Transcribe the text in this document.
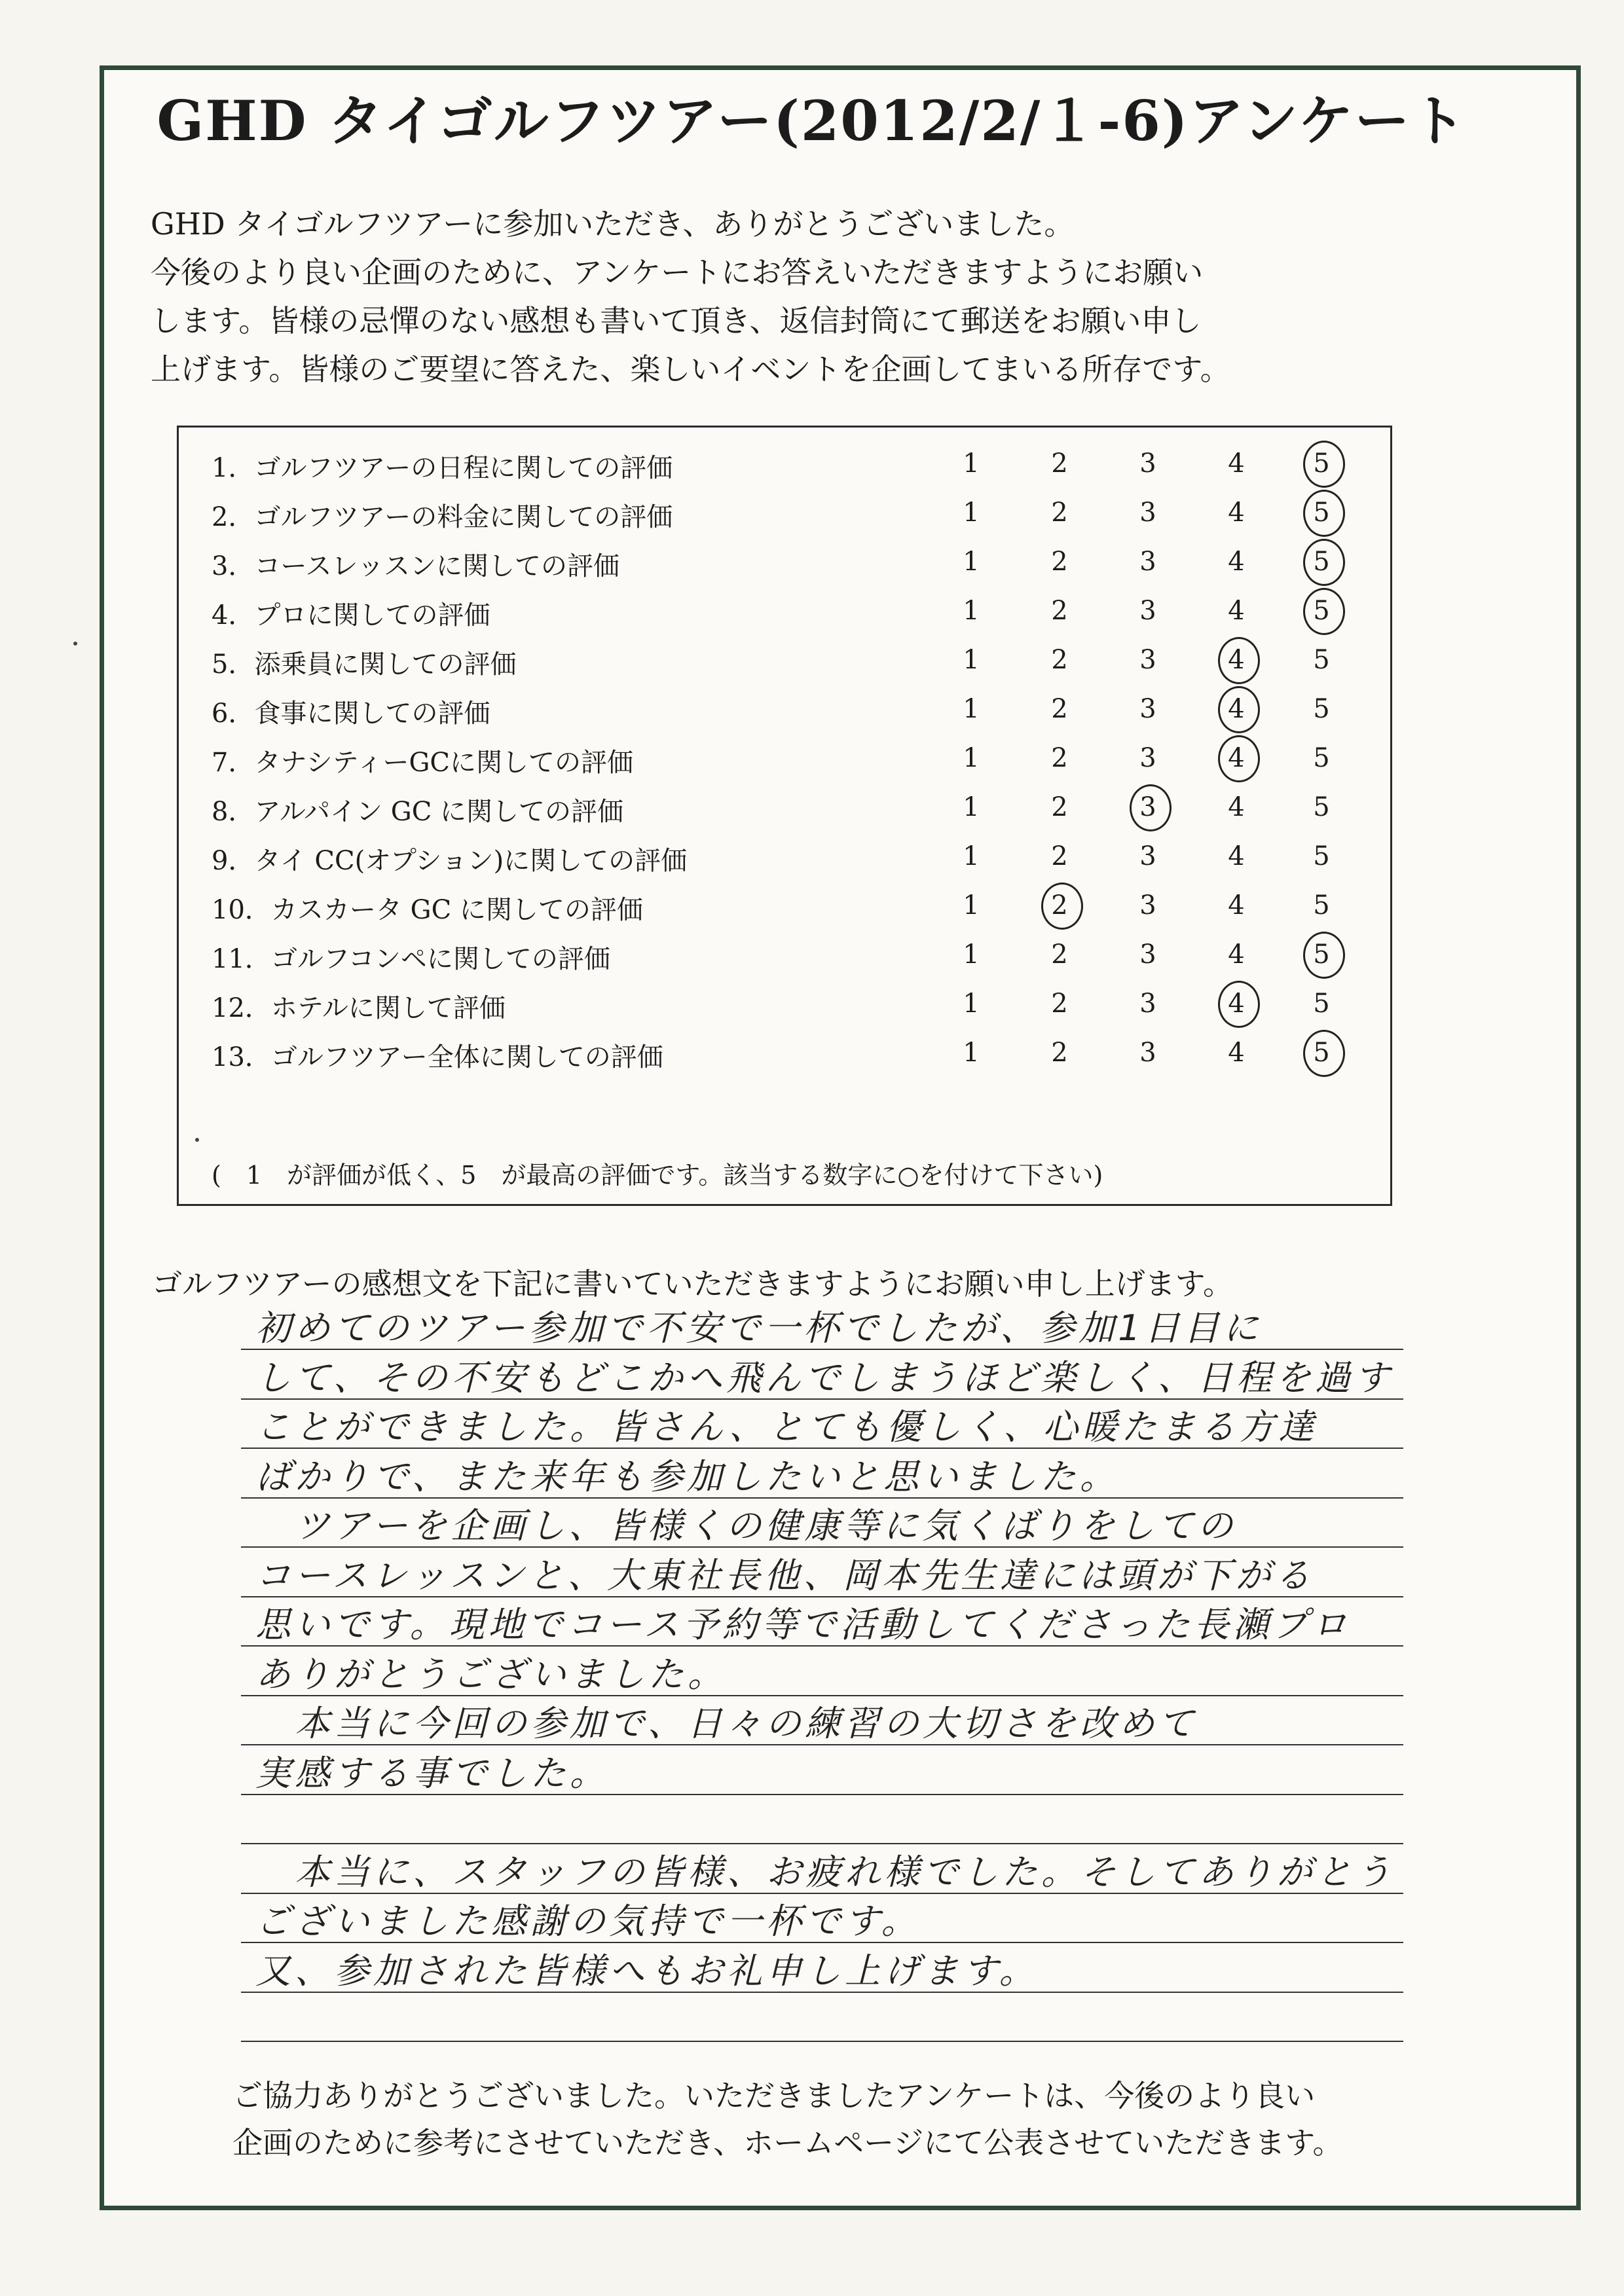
GHD タイゴルフツアー(2012/2/１-6)アンケート
GHD タイゴルフツアーに参加いただき、ありがとうございました。
今後のより良い企画のために、アンケートにお答えいただきますようにお願い
します。皆様の忌憚のない感想も書いて頂き、返信封筒にて郵送をお願い申し
上げます。皆様のご要望に答えた、楽しいイベントを企画してまいる所存です。
(　1　が評価が低く、5　が最高の評価です。該当する数字に○を付けて下さい)
1．ゴルフツアーの日程に関しての評価	1	2	3	4	5
2．ゴルフツアーの料金に関しての評価	1	2	3	4	5
3．コースレッスンに関しての評価	1	2	3	4	5
4．プロに関しての評価	1	2	3	4	5
5．添乗員に関しての評価	1	2	3	4	5
6．食事に関しての評価	1	2	3	4	5
7．タナシティーGCに関しての評価	1	2	3	4	5
8．アルパイン GC に関しての評価	1	2	3	4	5
9．タイ CC(オプション)に関しての評価	1	2	3	4	5
10．カスカータ GC に関しての評価	1	2	3	4	5
11．ゴルフコンペに関しての評価	1	2	3	4	5
12．ホテルに関して評価	1	2	3	4	5
13．ゴルフツアー全体に関しての評価	1	2	3	4	5
ゴルフツアーの感想文を下記に書いていただきますようにお願い申し上げます。
初めてのツアー参加で不安で一杯でしたが、参加1日目に
して、その不安もどこかへ飛んでしまうほど楽しく、日程を過す
ことができました。皆さん、とても優しく、心暖たまる方達
ばかりで、また来年も参加したいと思いました。
ツアーを企画し、皆様くの健康等に気くばりをしての
コースレッスンと、大東社長他、岡本先生達には頭が下がる
思いです。現地でコース予約等で活動してくださった長瀬プロ
ありがとうございました。
本当に今回の参加で、日々の練習の大切さを改めて
実感する事でした。
本当に、スタッフの皆様、お疲れ様でした。そしてありがとう
ございました感謝の気持で一杯です。
又、参加された皆様へもお礼申し上げます。
ご協力ありがとうございました。いただきましたアンケートは、今後のより良い
企画のために参考にさせていただき、ホームページにて公表させていただきます。
